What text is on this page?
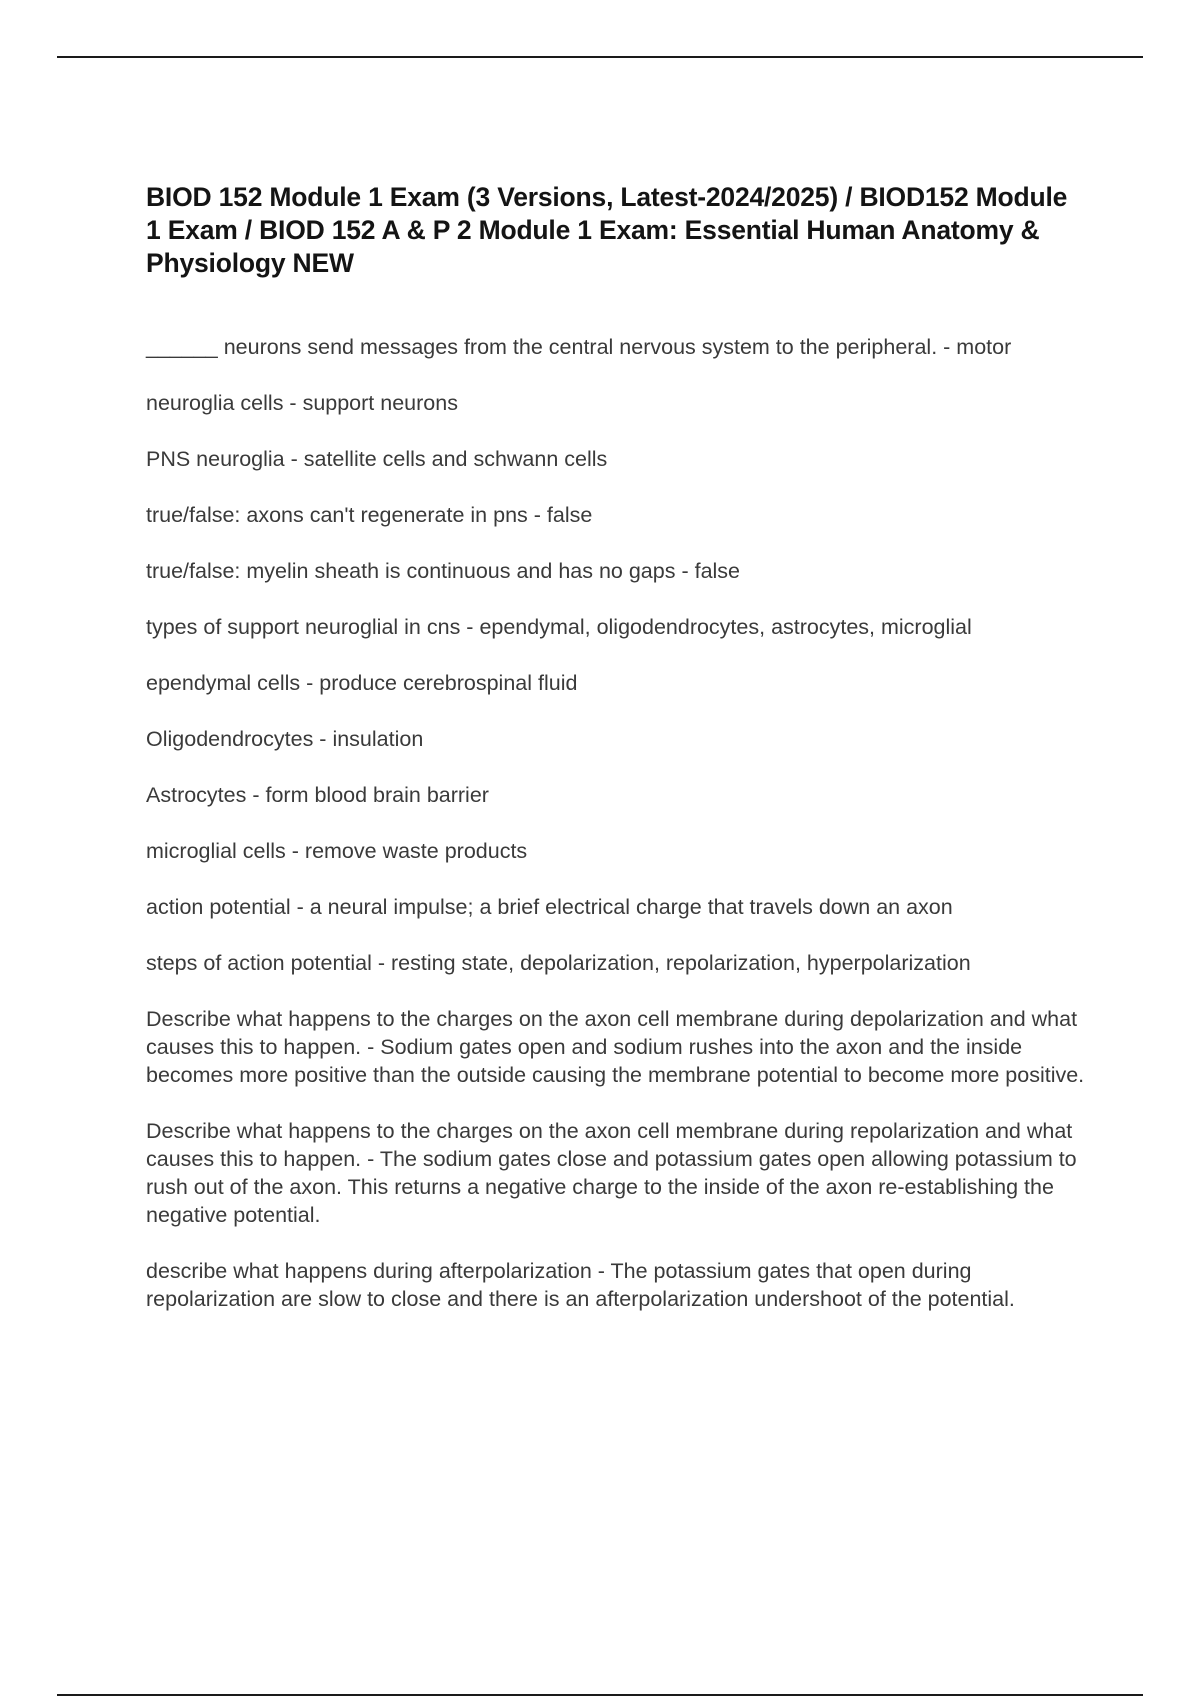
BIOD 152 Module 1 Exam (3 Versions, Latest-2024/2025) / BIOD152 Module 1 Exam / BIOD 152 A & P 2 Module 1 Exam: Essential Human Anatomy & Physiology NEW
______ neurons send messages from the central nervous system to the peripheral. - motor
neuroglia cells - support neurons
PNS neuroglia - satellite cells and schwann cells
true/false: axons can't regenerate in pns - false
true/false: myelin sheath is continuous and has no gaps - false
types of support neuroglial in cns - ependymal, oligodendrocytes, astrocytes, microglial
ependymal cells - produce cerebrospinal fluid
Oligodendrocytes - insulation
Astrocytes - form blood brain barrier
microglial cells - remove waste products
action potential - a neural impulse; a brief electrical charge that travels down an axon
steps of action potential - resting state, depolarization, repolarization, hyperpolarization
Describe what happens to the charges on the axon cell membrane during depolarization and what causes this to happen. - Sodium gates open and sodium rushes into the axon and the inside becomes more positive than the outside causing the membrane potential to become more positive.
Describe what happens to the charges on the axon cell membrane during repolarization and what causes this to happen. - The sodium gates close and potassium gates open allowing potassium to rush out of the axon. This returns a negative charge to the inside of the axon re-establishing the negative potential.
describe what happens during afterpolarization - The potassium gates that open during repolarization are slow to close and there is an afterpolarization undershoot of the potential.
